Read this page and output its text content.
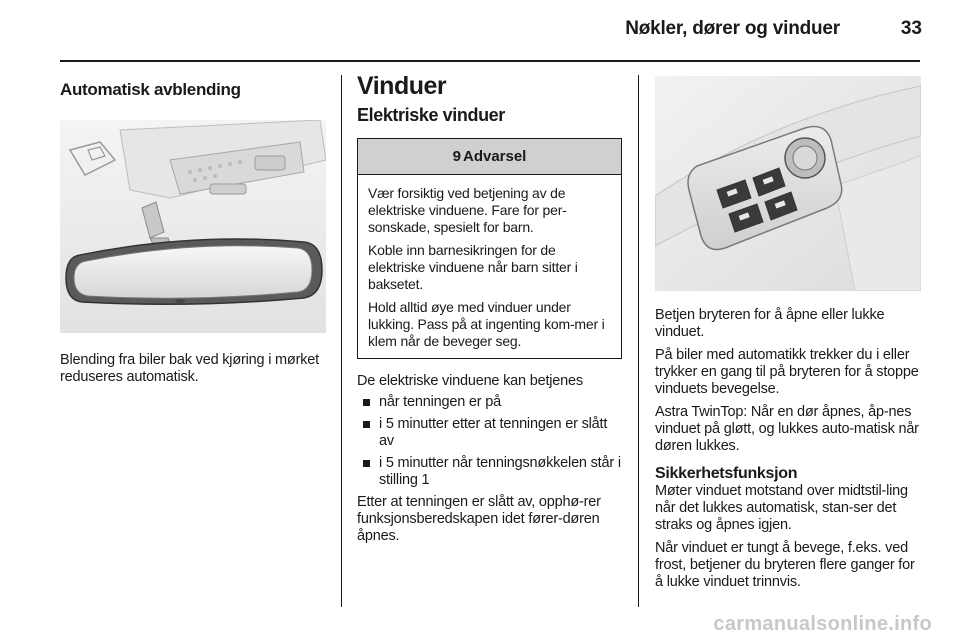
Nøkler, dører og vinduer	33
Automatisk avblending

Blending fra biler bak ved kjøring i mørket reduseres automatisk.

Vinduer
Elektriske vinduer
9 Advarsel

Vær forsiktig ved betjening av de elektriske vinduene. Fare for per-sonskade, spesielt for barn.

Koble inn barnesikringen for de elektriske vinduene når barn sitter i baksetet.

Hold alltid øye med vinduer under lukking. Pass på at ingenting kom-mer i klem når de beveger seg.

De elektriske vinduene kan betjenes

når tenningen er på
i 5 minutter etter at tenningen er slått av
i 5 minutter når tenningsnøkkelen står i stilling 1

Etter at tenningen er slått av, opphø-rer funksjonsberedskapen idet fører-døren åpnes.

Betjen bryteren for å åpne eller lukke vinduet.

På biler med automatikk trekker du i eller trykker en gang til på bryteren for å stoppe vinduets bevegelse.

Astra TwinTop: Når en dør åpnes, åp-nes vinduet på gløtt, og lukkes auto-matisk når døren lukkes.

Sikkerhetsfunksjon

Møter vinduet motstand over midtstil-ling når det lukkes automatisk, stan-ser det straks og åpnes igjen.

Når vinduet er tungt å bevege, f.eks. ved frost, betjener du bryteren flere ganger for å lukke vinduet trinnvis.

carmanualsonline.info
